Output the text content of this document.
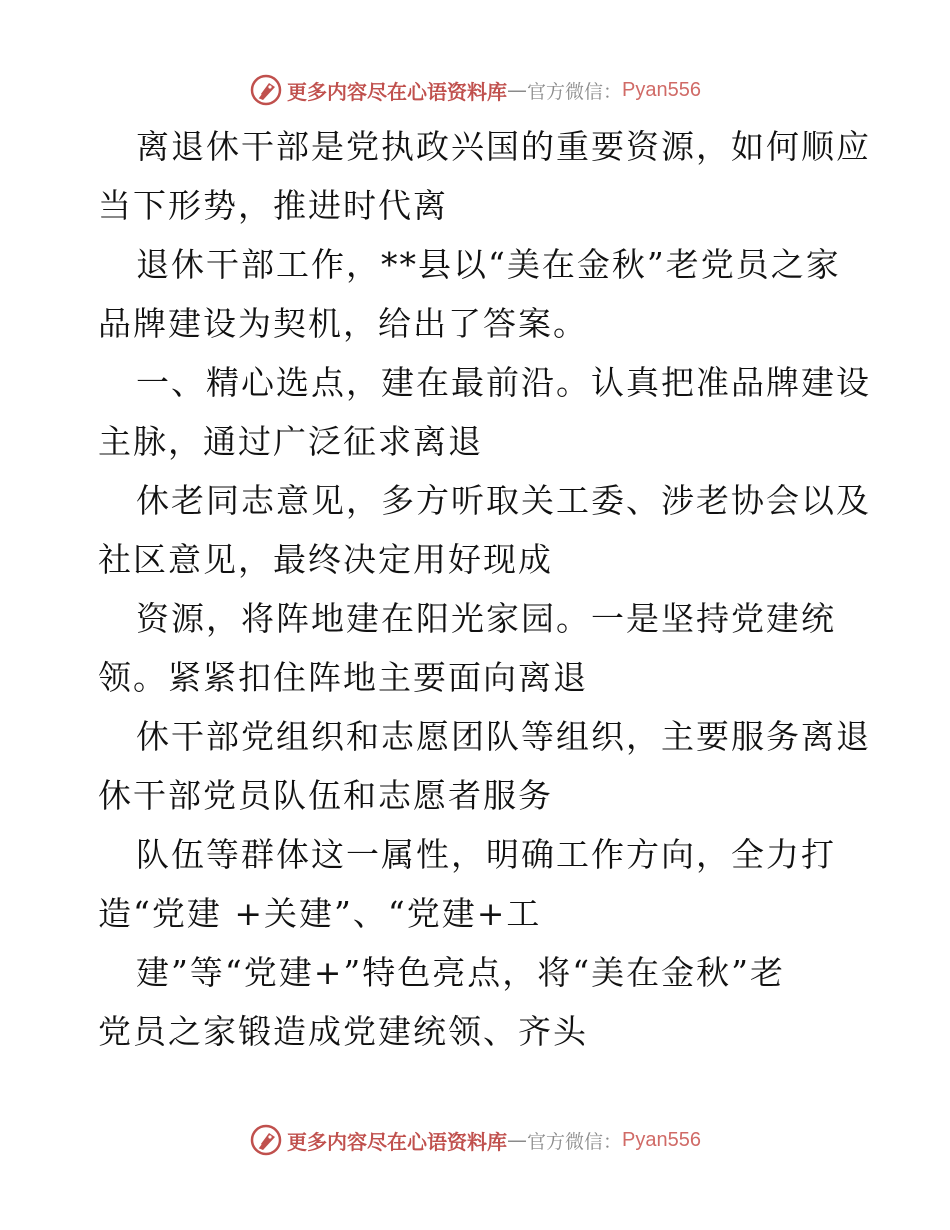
更多内容尽在心语资料库 — 官方微信： Pyan556
离退休干部是党执政兴国的重要资源，如何顺应
当下形势，推进时代离
退休干部工作，**县以“美在金秋”老党员之家
品牌建设为契机，给出了答案。
一、精心选点，建在最前沿。认真把准品牌建设
主脉，通过广泛征求离退
休老同志意见，多方听取关工委、涉老协会以及
社区意见，最终决定用好现成
资源，将阵地建在阳光家园。一是坚持党建统
领。紧紧扣住阵地主要面向离退
休干部党组织和志愿团队等组织，主要服务离退
休干部党员队伍和志愿者服务
队伍等群体这一属性，明确工作方向，全力打
造“党建 +关建”、“党建+工
建”等“党建+”特色亮点，将“美在金秋”老
党员之家锻造成党建统领、齐头
更多内容尽在心语资料库 — 官方微信： Pyan556
